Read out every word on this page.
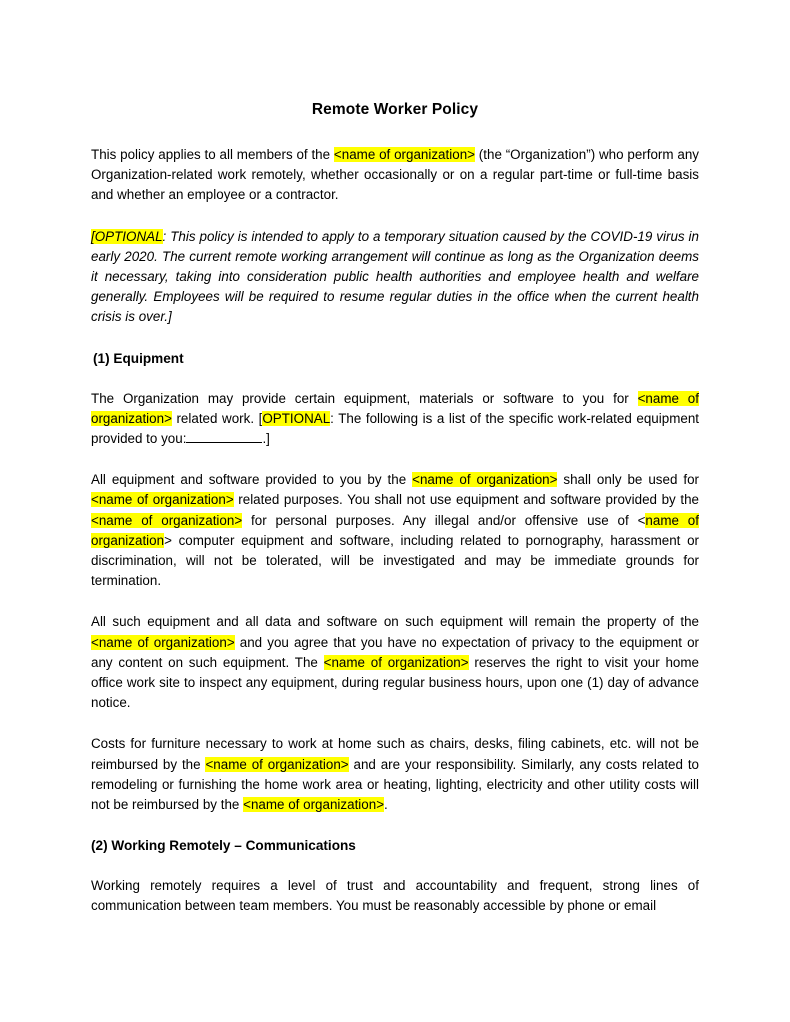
Remote Worker Policy

This policy applies to all members of the <name of organization> (the “Organization”) who perform any Organization-related work remotely, whether occasionally or on a regular part-time or full-time basis and whether an employee or a contractor.

[OPTIONAL: This policy is intended to apply to a temporary situation caused by the COVID-19 virus in early 2020. The current remote working arrangement will continue as long as the Organization deems it necessary, taking into consideration public health authorities and employee health and welfare generally. Employees will be required to resume regular duties in the office when the current health crisis is over.]

(1) Equipment

The Organization may provide certain equipment, materials or software to you for <name of organization> related work. [OPTIONAL: The following is a list of the specific work-related equipment provided to you:	.]

All equipment and software provided to you by the <name of organization> shall only be used for <name of organization> related purposes. You shall not use equipment and software provided by the <name of organization> for personal purposes. Any illegal and/or offensive use of <name of organization> computer equipment and software, including related to pornography, harassment or discrimination, will not be tolerated, will be investigated and may be immediate grounds for termination.

All such equipment and all data and software on such equipment will remain the property of the <name of organization> and you agree that you have no expectation of privacy to the equipment or any content on such equipment. The <name of organization> reserves the right to visit your home office work site to inspect any equipment, during regular business hours, upon one (1) day of advance notice.

Costs for furniture necessary to work at home such as chairs, desks, filing cabinets, etc. will not be reimbursed by the <name of organization> and are your responsibility. Similarly, any costs related to remodeling or furnishing the home work area or heating, lighting, electricity and other utility costs will not be reimbursed by the <name of organization>.

(2) Working Remotely – Communications

Working remotely requires a level of trust and accountability and frequent, strong lines of communication between team members. You must be reasonably accessible by phone or email
